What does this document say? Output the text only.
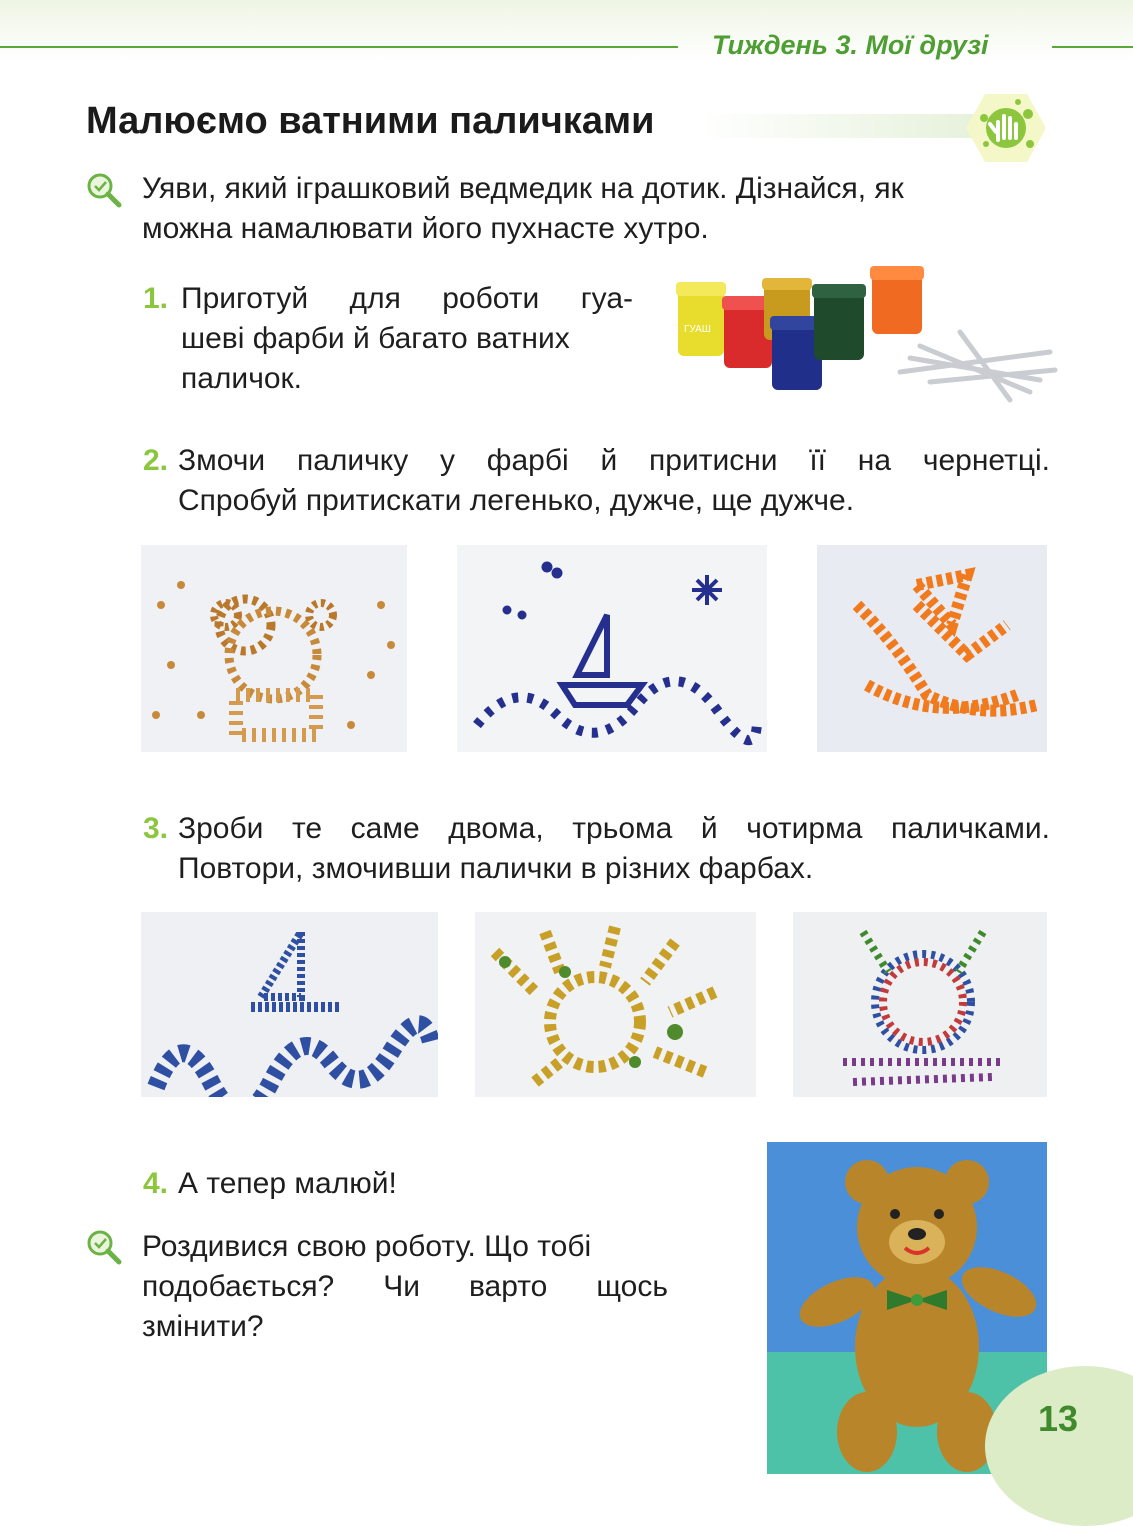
Тиждень 3. Мої друзі
Малюємо ватними паличками
Уяви, який іграшковий ведмедик на дотик. Дізнайся, як
можна намалювати його пухнасте хутро.
1. Приготуй для роботи гуа-
шеві фарби й багато ватних
паличок.
ГУАШ
2. Змочи паличку у фарбі й притисни її на чернетці.
Спробуй притискати легенько, дужче, ще дужче.
3. Зроби те саме двома, трьома й чотирма паличками.
Повтори, змочивши палички в різних фарбах.
4. А тепер малюй!
Роздивися свою роботу. Що тобі
подобається? Чи варто щось
змінити?
13
